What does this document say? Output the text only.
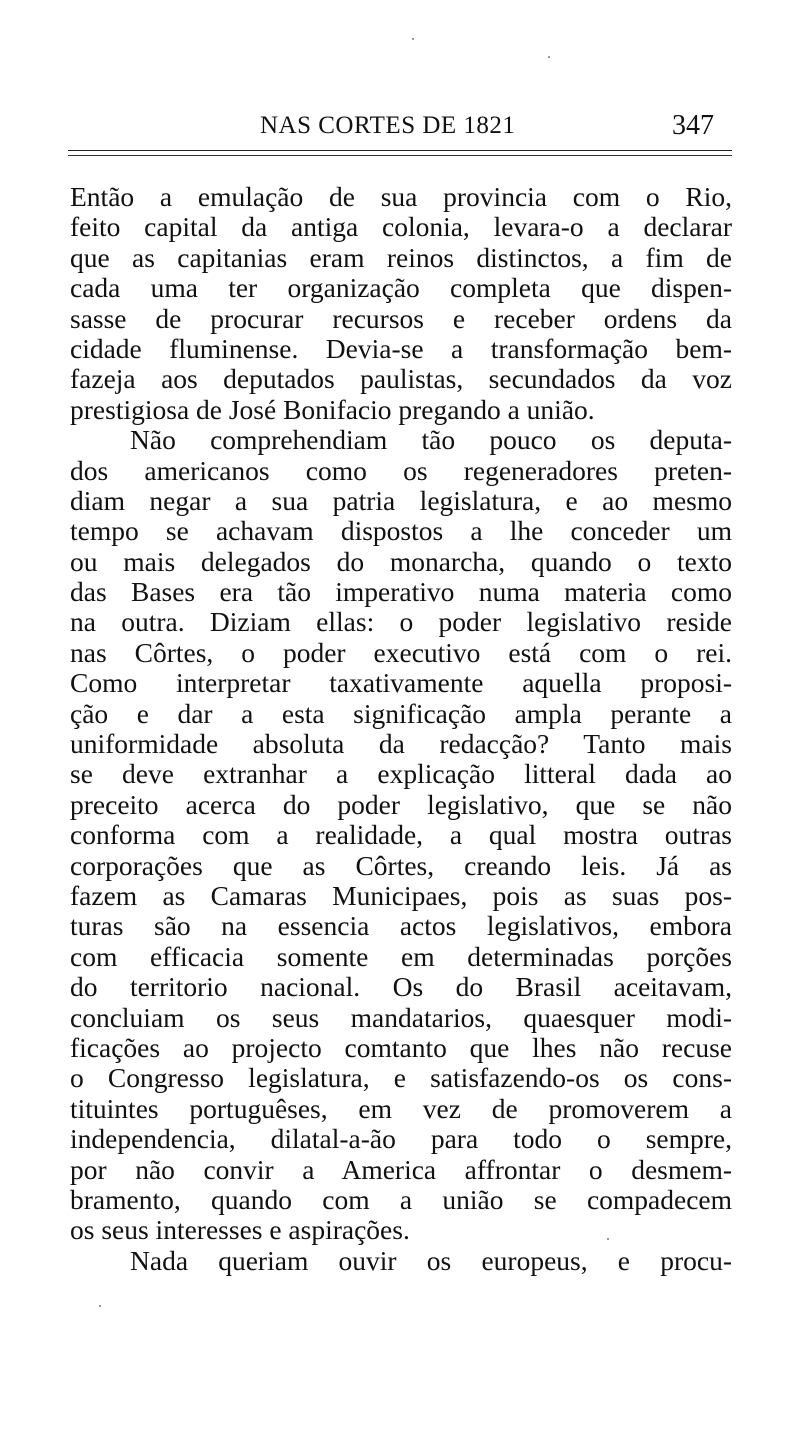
NAS CORTES DE 1821	347
Então a emulação de sua provincia com o Rio,
feito capital da antiga colonia, levara-o a declarar
que as capitanias eram reinos distinctos, a fim de
cada uma ter organização completa que dispen-
sasse de procurar recursos e receber ordens da
cidade fluminense. Devia-se a transformação bem-
fazeja aos deputados paulistas, secundados da voz
prestigiosa de José Bonifacio pregando a união.
Não comprehendiam tão pouco os deputa-
dos americanos como os regeneradores preten-
diam negar a sua patria legislatura, e ao mesmo
tempo se achavam dispostos a lhe conceder um
ou mais delegados do monarcha, quando o texto
das Bases era tão imperativo numa materia como
na outra. Diziam ellas: o poder legislativo reside
nas Côrtes, o poder executivo está com o rei.
Como interpretar taxativamente aquella proposi-
ção e dar a esta significação ampla perante a
uniformidade absoluta da redacção? Tanto mais
se deve extranhar a explicação litteral dada ao
preceito acerca do poder legislativo, que se não
conforma com a realidade, a qual mostra outras
corporações que as Côrtes, creando leis. Já as
fazem as Camaras Municipaes, pois as suas pos-
turas são na essencia actos legislativos, embora
com efficacia somente em determinadas porções
do territorio nacional. Os do Brasil aceitavam,
concluiam os seus mandatarios, quaesquer modi-
ficações ao projecto comtanto que lhes não recuse
o Congresso legislatura, e satisfazendo-os os cons-
tituintes portuguêses, em vez de promoverem a
independencia, dilatal-a-ão para todo o sempre,
por não convir a America affrontar o desmem-
bramento, quando com a união se compadecem
os seus interesses e aspirações.
Nada queriam ouvir os europeus, e procu-
